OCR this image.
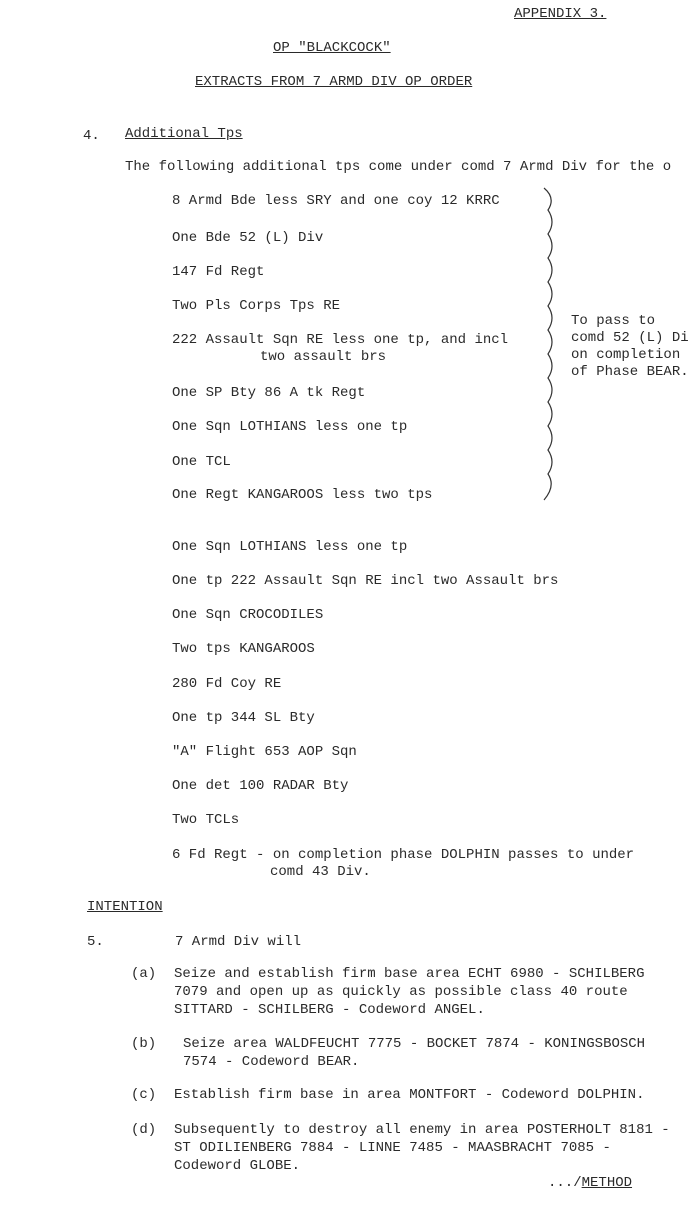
APPENDIX 3.
OP "BLACKCOCK"
EXTRACTS FROM 7 ARMD DIV OP ORDER
4. Additional Tps
The following additional tps come under comd 7 Armd Div for the o
8 Armd Bde less SRY and one coy 12 KRRC
One Bde 52 (L) Div
147 Fd Regt
Two Pls Corps Tps RE
222 Assault Sqn RE less one tp, and incl
two assault brs
One SP Bty 86 A tk Regt
One Sqn LOTHIANS less one tp
One TCL
One Regt KANGAROOS less two tps
To pass to
comd 52 (L) Di
on completion
of Phase BEAR.
One Sqn LOTHIANS less one tp
One tp 222 Assault Sqn RE incl two Assault brs
One Sqn CROCODILES
Two tps KANGAROOS
280 Fd Coy RE
One tp 344 SL Bty
"A" Flight 653 AOP Sqn
One det 100 RADAR Bty
Two TCLs
6 Fd Regt - on completion phase DOLPHIN passes to under
comd 43 Div.
INTENTION
5.	7 Armd Div will
(a) Seize and establish firm base area ECHT 6980 - SCHILBERG
7079 and open up as quickly as possible class 40 route
SITTARD - SCHILBERG - Codeword ANGEL.
(b) Seize area WALDFEUCHT 7775 - BOCKET 7874 - KONINGSBOSCH
7574 - Codeword BEAR.
(c) Establish firm base in area MONTFORT - Codeword DOLPHIN.
(d) Subsequently to destroy all enemy in area POSTERHOLT 8181 -
ST ODILIENBERG 7884 - LINNE 7485 - MAASBRACHT 7085 -
Codeword GLOBE.
.../METHOD
